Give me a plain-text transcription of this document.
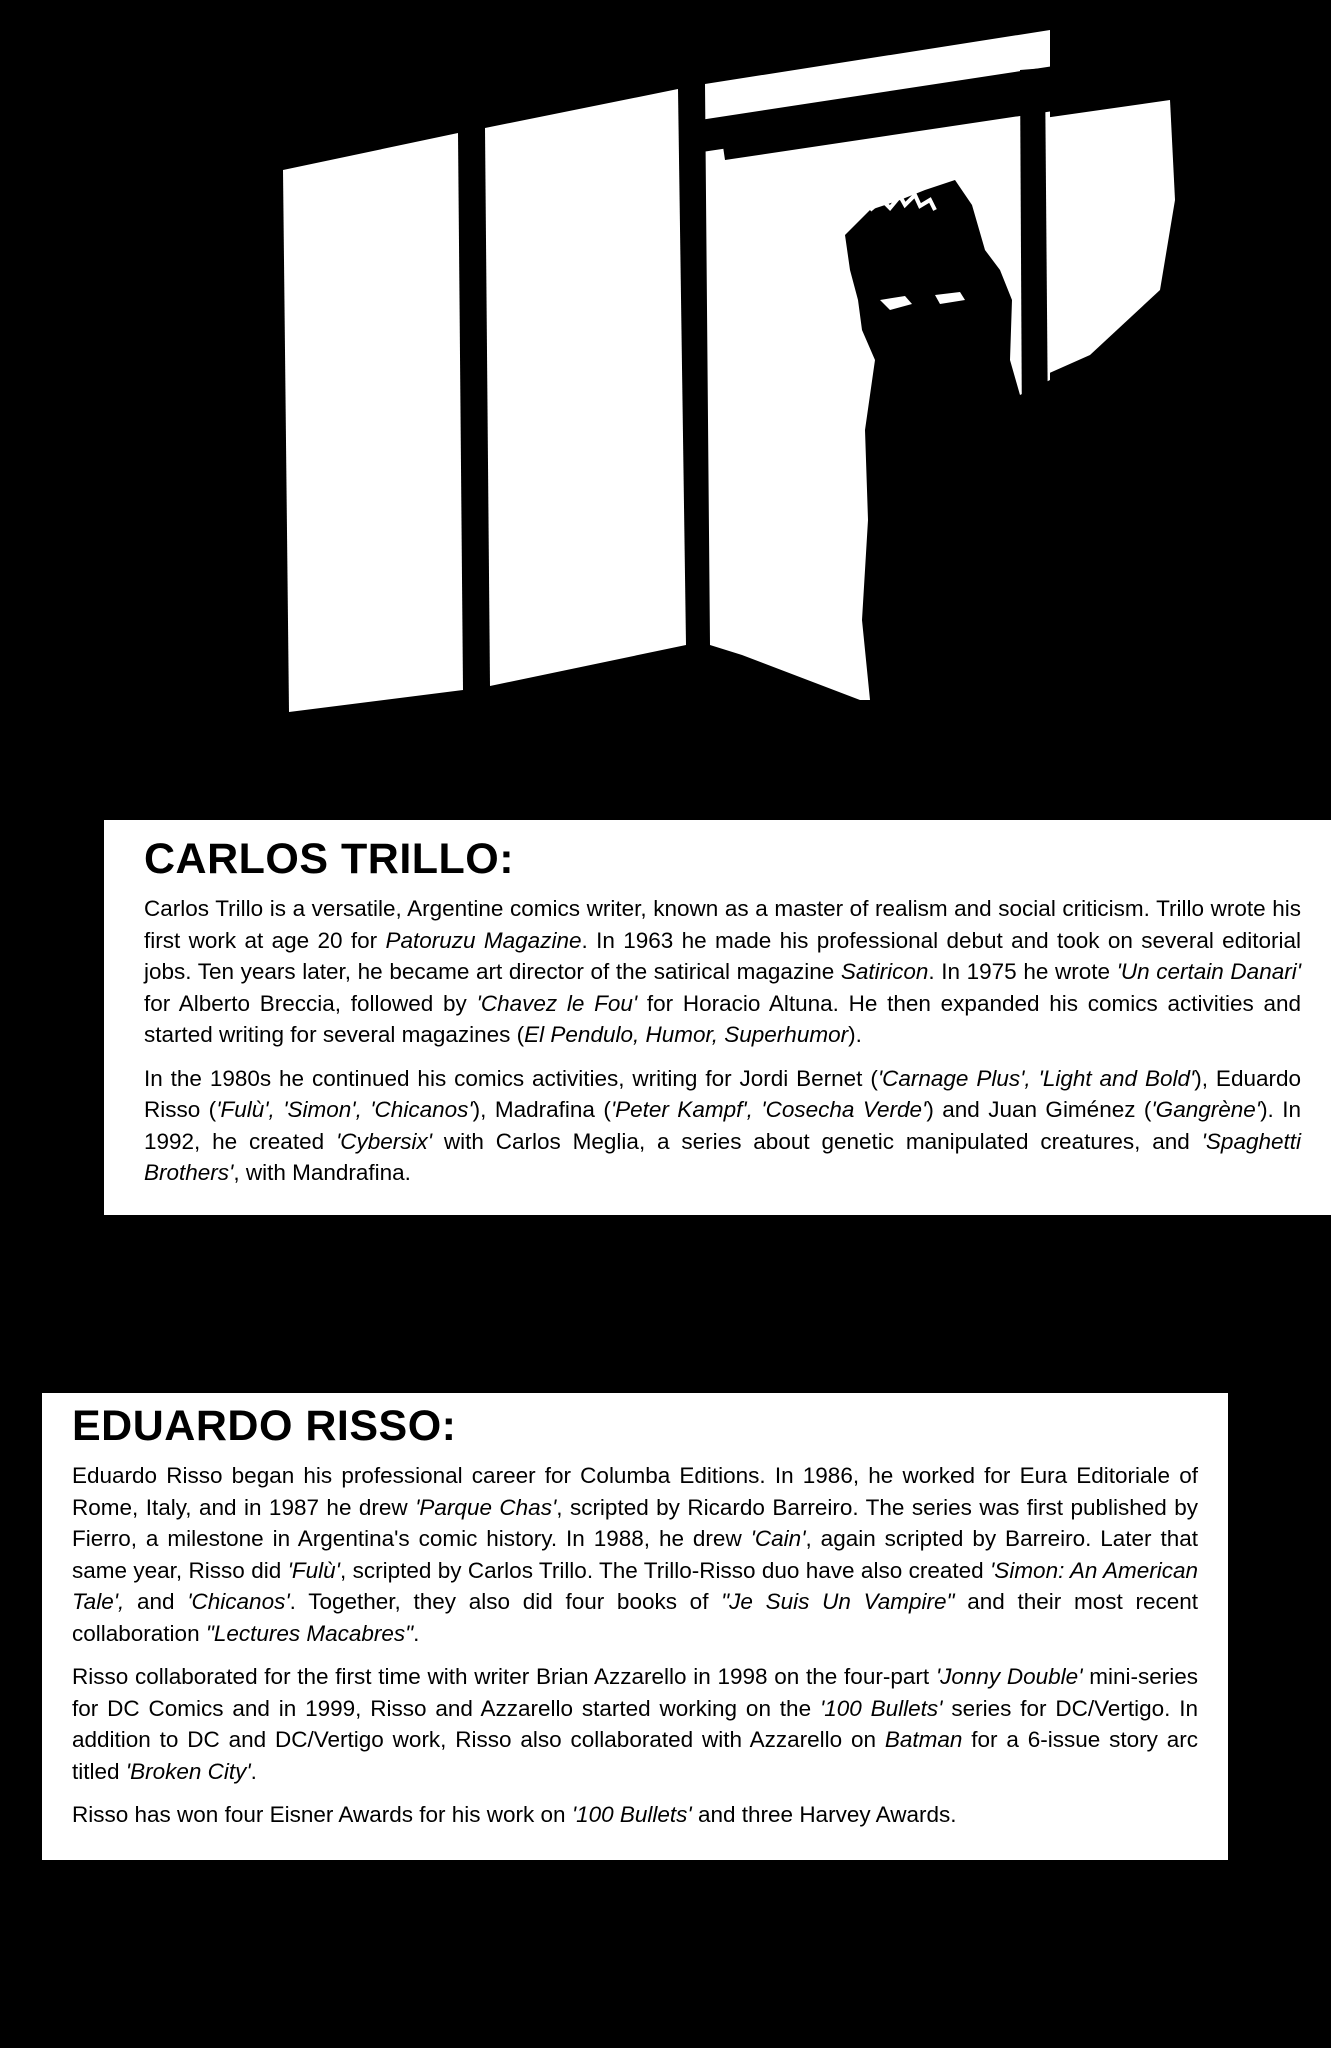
CARLOS TRILLO:

Carlos Trillo is a versatile, Argentine comics writer, known as a master of realism and social criticism. Trillo wrote his first work at age 20 for Patoruzu Magazine. In 1963 he made his professional debut and took on several editorial jobs. Ten years later, he became art director of the satirical magazine Satiricon. In 1975 he wrote 'Un certain Danari' for Alberto Breccia, followed by 'Chavez le Fou' for Horacio Altuna. He then expanded his comics activities and started writing for several magazines (El Pendulo, Humor, Superhumor).

In the 1980s he continued his comics activities, writing for Jordi Bernet ('Carnage Plus', 'Light and Bold'), Eduardo Risso ('Fulù', 'Simon', 'Chicanos'), Madrafina ('Peter Kampf', 'Cosecha Verde') and Juan Giménez ('Gangrène'). In 1992, he created 'Cybersix' with Carlos Meglia, a series about genetic manipulated creatures, and 'Spaghetti Brothers', with Mandrafina.

EDUARDO RISSO:

Eduardo Risso began his professional career for Columba Editions. In 1986, he worked for Eura Editoriale of Rome, Italy, and in 1987 he drew 'Parque Chas', scripted by Ricardo Barreiro. The series was first published by Fierro, a milestone in Argentina's comic history. In 1988, he drew 'Cain', again scripted by Barreiro. Later that same year, Risso did 'Fulù', scripted by Carlos Trillo. The Trillo-Risso duo have also created 'Simon: An American Tale', and 'Chicanos'. Together, they also did four books of "Je Suis Un Vampire" and their most recent collaboration "Lectures Macabres".

Risso collaborated for the first time with writer Brian Azzarello in 1998 on the four-part 'Jonny Double' mini-series for DC Comics and in 1999, Risso and Azzarello started working on the '100 Bullets' series for DC/Vertigo. In addition to DC and DC/Vertigo work, Risso also collaborated with Azzarello on Batman for a 6-issue story arc titled 'Broken City'.

Risso has won four Eisner Awards for his work on '100 Bullets' and three Harvey Awards.
